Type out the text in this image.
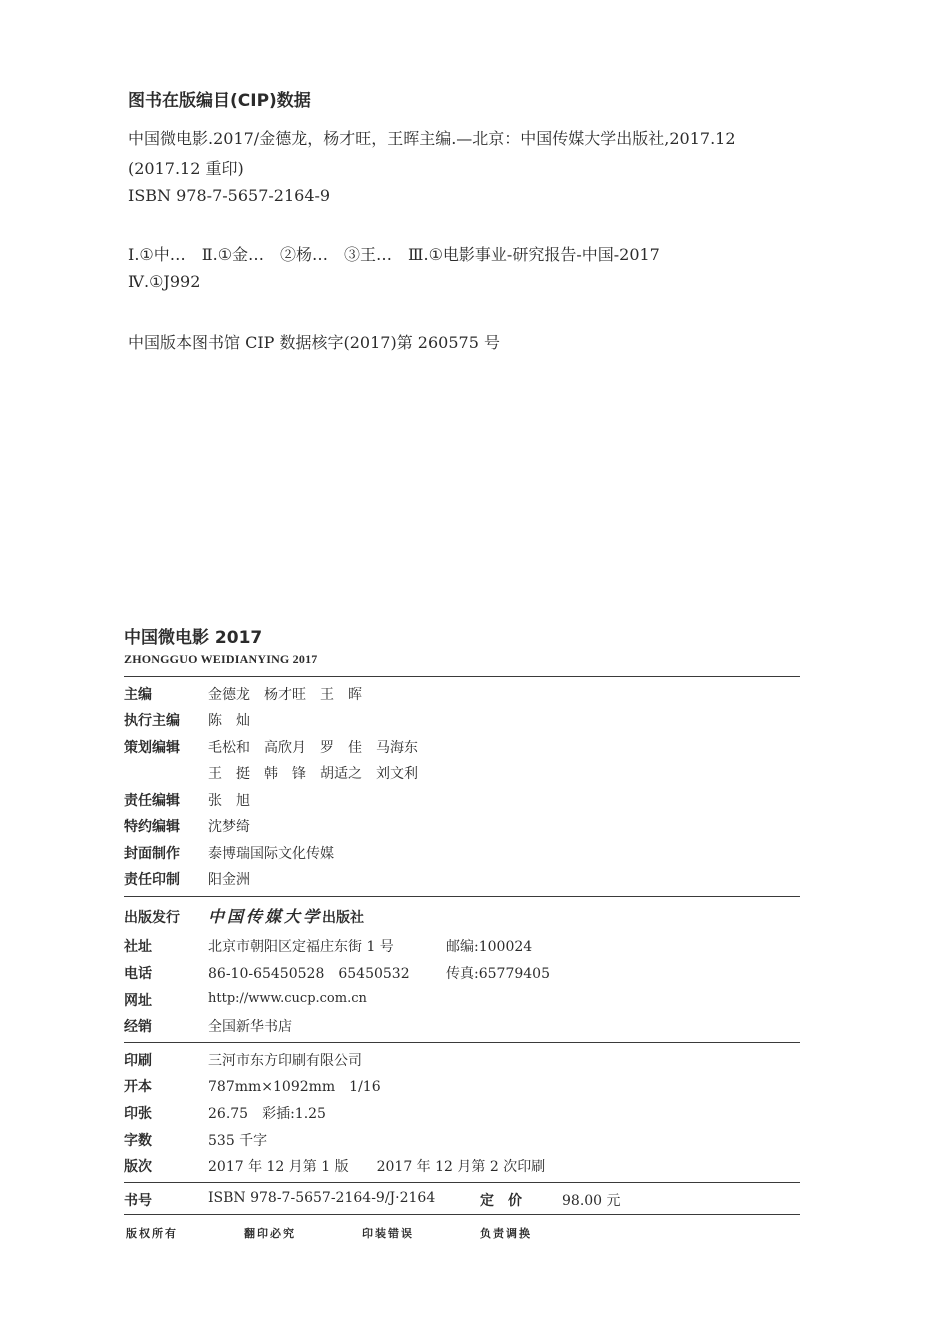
图书在版编目(CIP)数据
中国微电影.2017/金德龙，杨才旺，王晖主编.—北京：中国传媒大学出版社,2017.12
(2017.12 重印)
ISBN 978-7-5657-2164-9
Ⅰ.①中…　Ⅱ.①金…　②杨…　③王…　Ⅲ.①电影事业-研究报告-中国-2017
Ⅳ.①J992
中国版本图书馆 CIP 数据核字(2017)第 260575 号
中国微电影 2017
ZHONGGUO WEIDIANYING 2017
主编	金德龙　杨才旺　王　晖
执行主编 陈　灿
策划编辑 毛松和　高欣月　罗　佳　马海东
王　挺　韩　锋　胡适之　刘文利
责任编辑 张　旭
特约编辑 沈梦绮
封面制作 泰博瑞国际文化传媒
责任印制 阳金洲
出版发行 中国传媒大学出版社
社址	北京市朝阳区定福庄东街 1 号	邮编:100024
电话	86-10-65450528　65450532	传真:65779405
网址	http://www.cucp.com.cn
经销	全国新华书店
印刷	三河市东方印刷有限公司
开本	787mm×1092mm　1/16
印张	26.75　彩插:1.25
字数	535 千字
版次	2017 年 12 月第 1 版　　2017 年 12 月第 2 次印刷
书号	ISBN 978-7-5657-2164-9/J·2164	定　价	98.00 元
版权所有	翻印必究	印装错误	负责调换
